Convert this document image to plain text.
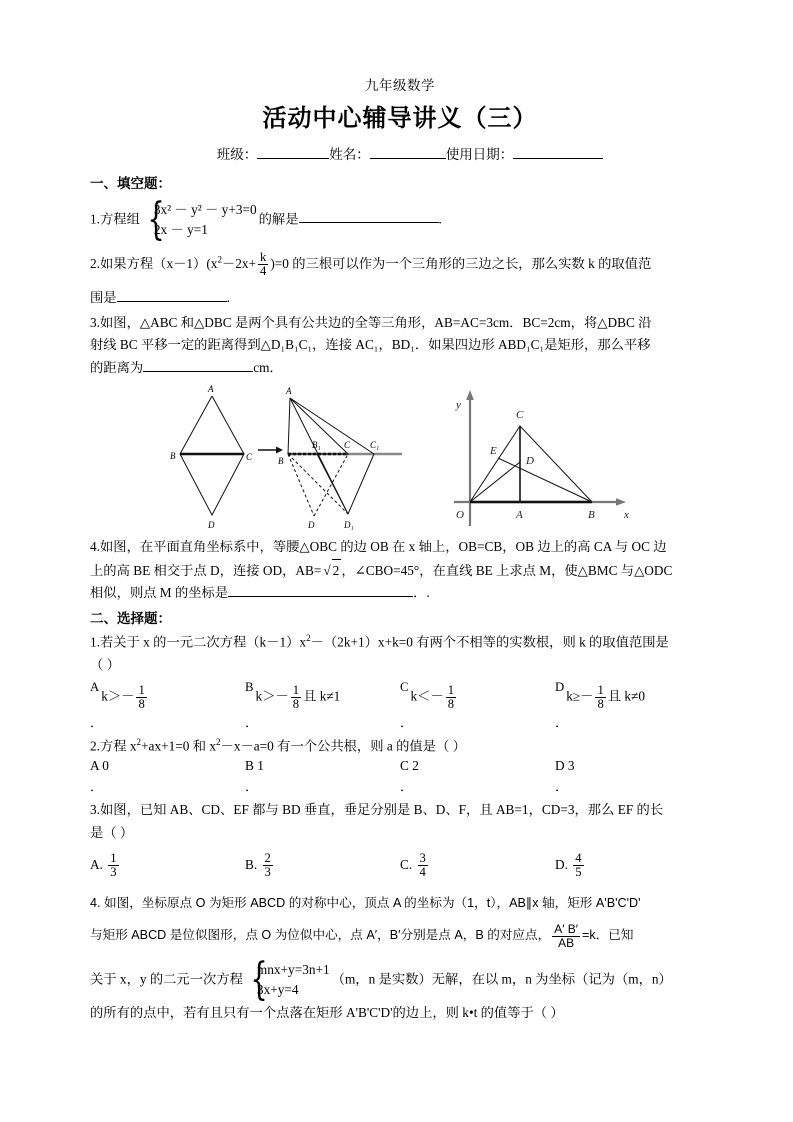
九年级数学
活动中心辅导讲义（三）
班级：	姓名：	使用日期：
一、填空题：
1.方程组 {
3x² － y² － y+3=0
2x － y=1
的解是	.
2.如果方程$(x-1)(x^2-2x+ \frac{k}{4} )=0$ 的三根可以作为一个三角形的三边之长，那么实数 k 的取值范
围是	.
3.如图，△ABC 和△DBC 是两个具有公共边的全等三角形，AB=AC=3cm．BC=2cm，将△DBC 沿
射线 BC 平移一定的距离得到△D₁B₁C₁，连接 AC₁，BD₁．如果四边形 ABD₁C₁是矩形，那么平移
的距离为	cm．
A
B	C
D
A
B
B₁	C C₁
D	D₁
O	A	B
C
D
E
y
x
4.如图，在平面直角坐标系中，等腰△OBC 的边 OB 在 x 轴上，OB=CB，OB 边上的高 CA 与 OC 边
上的高 BE 相交于点 D，连接 OD，AB= √ 2 ，∠CBO=45°，在直线 BE 上求点 M，使△BMC 与△ODC
相似，则点 M 的坐标是	．.
二、选择题：
1.若关于 x 的一元二次方程$(k-1)x^2-(2k+1)x+k=0$ 有两个不相等的实数根，则 k 的取值范围是
（ ）
$Ak>- \frac{1}{8}$	$Bk>- \frac{1}{8}$ 且 k≠1
$Ck<- \frac{1}{8}$	$Dk\ge- \frac{1}{8}$ 且 k≠0
．	．	．	．
2.方程 $x^2+ax+1=0$ 和 $x^2-x-a=0$ 有一个公共根，则 a 的值是（ ）
A 0	B 1	C 2	D 3
．	．	．	．
3.如图，已知 AB、CD、EF 都与 BD 垂直，垂足分别是 B、D、F，且 AB=1，CD=3，那么 EF 的长
是（ ）
A. $\frac{1}{3}$	B. $\frac{2}{3}$	C. $\frac{3}{4}$	D. $\frac{4}{5}$
4. 如图，坐标原点 O 为矩形 ABCD 的对称中心，顶点 A 的坐标为（1，t），AB∥x 轴，矩形 A'B'C'D'
与矩形 ABCD 是位似图形，点 O 为位似中心，点 A′，B′分别是点 A，B 的对应点， $\frac{A' B'}{AB} =k$．已知
关于 x，y 的二元一次方程 {
mnx+y=3n+1
3x+y=4
（m，n 是实数）无解，在以 m，n 为坐标（记为（m，n）
的所有的点中，若有且只有一个点落在矩形 A'B'C'D'的边上，则 k•t 的值等于（ ）
